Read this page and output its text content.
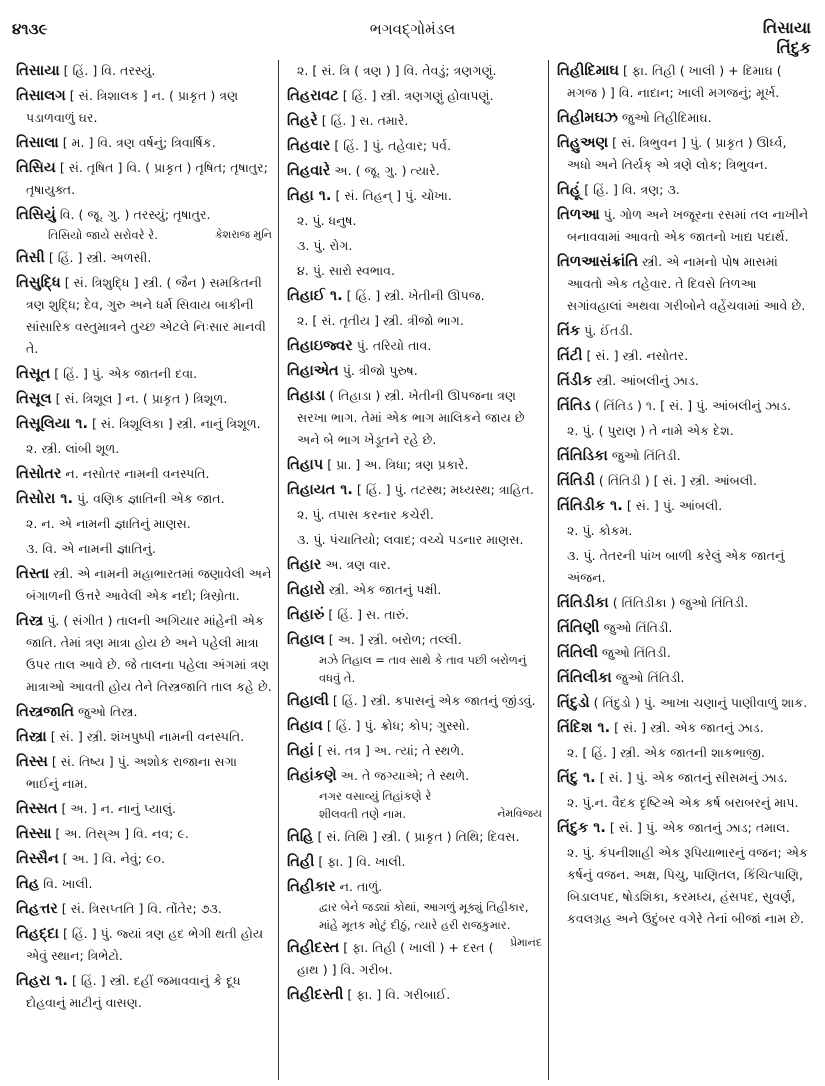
૪૧૩૯	ભગવદ્ગોમંડલ	તિસાયા
તિંદુક
તિસાયા [ હિં. ] વિ. તરસ્યું.
તિસાલગ [ સં. ત્રિશાલક ] ન. ( પ્રાકૃત ) ત્રણ પડાળવાળું ઘર.
તિસાલા [ મ. ] વિ. ત્રણ વર્ષનું; ત્રિવાર્ષિક.
તિસિય [ સં. તૃષિત ] વિ. ( પ્રાકૃત ) તૃષિત; તૃષાતુર; તૃષાયુક્ત.
તિસિયું વિ. ( જૂ. ગુ. ) તરસ્યું; તૃષાતુર.
તિસિયો જાયે સરોવરે રે.	કેશરાજ મુનિ
તિસી [ હિં. ] સ્ત્રી. અળસી.
તિસુદ્ધિ [ સં. ત્રિશુદ્ધિ ] સ્ત્રી. ( જૈન ) સમકિતની ત્રણ શુદ્ધિ; દેવ, ગુરુ અને ધર્મ સિવાય બાકીની સાંસારિક વસ્તુમાત્રને તુચ્છ એટલે નિઃસાર માનવી તે.
તિસૂત [ હિં. ] પું. એક જાતની દવા.
તિસૂલ [ સં. ત્રિશૂલ ] ન. ( પ્રાકૃત ) ત્રિશૂળ.
તિસૂલિયા ૧. [ સં. ત્રિશૂલિકા ] સ્ત્રી. નાનું ત્રિશૂળ.
૨. સ્ત્રી. લાંબી શૂળ.
તિસોતર ન. નસોતર નામની વનસ્પતિ.
તિસોરા ૧. પું. વણિક જ્ઞાતિની એક જાત.
૨. ન. એ નામની જ્ઞાતિનું માણસ.
૩. વિ. એ નામની જ્ઞાતિનું.
તિસ્તા સ્ત્રી. એ નામની મહાભારતમાં જણાવેલી અને બંગાળની ઉત્તરે આવેલી એક નદી; ત્રિસ્રોતા.
તિસ્ત્ર પું. ( સંગીત ) તાલની અગિયાર માંહેની એક જાતિ. તેમાં ત્રણ માત્રા હોય છે અને પહેલી માત્રા ઉપર તાલ આવે છે. જે તાલના પહેલા અંગમાં ત્રણ માત્રાઓ આવતી હોય તેને તિસ્ત્રજાતિ તાલ કહે છે.
તિસ્ત્રજાતિ જુઓ તિસ્ત્ર.
તિસ્ત્રા [ સં. ] સ્ત્રી. શંખપુષ્પી નામની વનસ્પતિ.
તિસ્સ [ સં. તિષ્ય ] પું. અશોક રાજાના સગા ભાઈનું નામ.
તિસ્સત [ અ. ] ન. નાનું પ્યાલું.
તિસ્સા [ અ. તિસ્અ ] વિ. નવ; ૯.
તિસ્સૈન [ અ. ] વિ. નેવું; ૯૦.
તિહ વિ. ખાલી.
તિહત્તર [ સં. ત્રિસપ્તતિ ] વિ. તોંતેર; ૭૩.
તિહદ્દા [ હિં. ] પું. જ્યાં ત્રણ હદ ભેગી થતી હોય એવું સ્થાન; ત્રિભેટો.
તિહરા ૧. [ હિં. ] સ્ત્રી. દહીં જમાવવાનું કે દૂધ દોહવાનું માટીનું વાસણ.
૨. [ સં. ત્રિ ( ત્રણ ) ] વિ. તેવડું; ત્રણગણું.
તિહરાવટ [ હિં. ] સ્ત્રી. ત્રણગણું હોવાપણું.
તિહરે [ હિં. ] સ. તમારે.
તિહવાર [ હિં. ] પું. તહેવાર; પર્વ.
તિહવારે અ. ( જૂ. ગુ. ) ત્યારે.
તિહા ૧. [ સં. તિહન્ ] પું. ચોખા.
૨. પું. ધનુષ.
૩. પું. રોગ.
૪. પું. સારો સ્વભાવ.
તિહાઈ ૧. [ હિં. ] સ્ત્રી. ખેતીની ઊપજ.
૨. [ સં. તૃતીય ] સ્ત્રી. ત્રીજો ભાગ.
તિહાઇજ્વર પું. તરિયો તાવ.
તિહાએત પું. ત્રીજો પુરુષ.
તિહાડા ( તિહાડા ) સ્ત્રી. ખેતીની ઊપજના ત્રણ સરખા ભાગ. તેમાં એક ભાગ માલિકને જાય છે અને બે ભાગ ખેડૂતને રહે છે.
તિહાપ [ પ્રા. ] અ. ત્રિધા; ત્રણ પ્રકારે.
તિહાયત ૧. [ હિં. ] પું. તટસ્થ; મધ્યસ્થ; ત્રાહિત.
૨. પું. તપાસ કરનાર કચેરી.
૩. પું. પંચાતિયો; લવાદ; વચ્ચે પડનાર માણસ.
તિહાર અ. ત્રણ વાર.
તિહારો સ્ત્રી. એક જાતનું પક્ષી.
તિહારું [ હિં. ] સ. તારું.
તિહાલ [ અ. ] સ્ત્રી. બરોળ; તલ્લી.
મઝે તિહાલ = તાવ સાથે કે તાવ પછી બરોળનું વધવું તે.
તિહાલી [ હિં. ] સ્ત્રી. કપાસનું એક જાતનું જીંડવું.
તિહાવ [ હિં. ] પું. ક્રોધ; કોપ; ગુસ્સો.
તિહાં [ સં. તત્ર ] અ. ત્યાં; તે સ્થળે.
તિહાંકણે અ. તે જગ્યાએ; તે સ્થળે.
નગર વસાવ્યું તિહાંકણે રે
શીલવતી તણે નામ.	નેમવિજય
તિહિ [ સં. તિથિ ] સ્ત્રી. ( પ્રાકૃત ) તિથિ; દિવસ.
તિહી [ ફા. ] વિ. ખાલી.
તિહીકાર ન. તાળું.
દ્વાર બેને જડ્યાં કોથાં, આગળું મૂક્યું તિહીકાર,
માંહે મૂતક મોટું દીઠું, ત્યારે હરી રાજકુમાર.
પ્રેમાનંદ
તિહીદસ્ત [ ફા. તિહી ( ખાલી ) + દસ્ત ( હાથ ) ] વિ. ગરીબ.
તિહીદસ્તી [ ફા. ] વિ. ગરીબાઈ.
તિહીદિમાઘ [ ફા. તિહી ( ખાલી ) + દિમાઘ ( મગજ ) ] વિ. નાદાન; ખાલી મગજનું; મૂર્ખ.
તિહીમઘઝ જુઓ તિહીદિમાઘ.
તિહુઅણ [ સં. ત્રિભુવન ] પું. ( પ્રાકૃત ) ઊર્ધ્વ, અધો અને તિર્યક્ એ ત્રણે લોક; ત્રિભુવન.
તિહૂં [ હિં. ] વિ. ત્રણ; ૩.
તિળઆ પું. ગોળ અને ખજૂરના રસમાં તલ નાખીને બનાવવામાં આવતો એક જાતનો ખાદ્ય પદાર્થ.
તિળઆસંક્રાંતિ સ્ત્રી. એ નામનો પોષ માસમાં આવતો એક તહેવાર. તે દિવસે તિળઆ સગાંવહાલાં અથવા ગરીબોને વહેંચવામાં આવે છે.
તિંક પું. ઈંતડી.
તિંટી [ સં. ] સ્ત્રી. નસોતર.
તિંડીક સ્ત્રી. આંબલીનું ઝાડ.
તિંતિડ ( તિંતિડ ) ૧. [ સં. ] પું. આંબલીનું ઝાડ.
૨. પું. ( પુરાણ ) તે નામે એક દેશ.
તિંતિડિકા જુઓ તિંતિડી.
તિંતિડી ( તિંતિડી ) [ સં. ] સ્ત્રી. આંબલી.
તિંતિડીક ૧. [ સં. ] પું. આંબલી.
૨. પું. કોકમ.
૩. પું. તેતરની પાંખ બાળી કરેલું એક જાતનું અંજન.
તિંતિડીકા ( તિંતિડીકા ) જુઓ તિંતિડી.
તિંતિણી જુઓ તિંતિડી.
તિંતિલી જુઓ તિંતિડી.
તિંતિલીકા જુઓ તિંતિડી.
તિંદુડો ( તિંદુડો ) પું. આખા ચણાનું પાણીવાળું શાક.
તિંદિશ ૧. [ સં. ] સ્ત્રી. એક જાતનું ઝાડ.
૨. [ હિં. ] સ્ત્રી. એક જાતની શાકભાજી.
તિંદુ ૧. [ સં. ] પું. એક જાતનું સીસમનું ઝાડ.
૨. પું.ન. વૈદક દૃષ્ટિએ એક કર્ષ બરાબરનું માપ.
તિંદુક ૧. [ સં. ] પું. એક જાતનું ઝાડ; તમાલ.
૨. પું. કંપનીશાહી એક રૂપિયાભારનું વજન; એક કર્ષનું વજન. અક્ષ, પિચુ, પાણિતલ, કિંચિત્પાણિ, બિડાલપદ, ષોડશિકા, કરમધ્ય, હંસપદ, સુવર્ણ, કવલગ્રહ અને ઉદુંબર વગેરે તેનાં બીજાં નામ છે.
